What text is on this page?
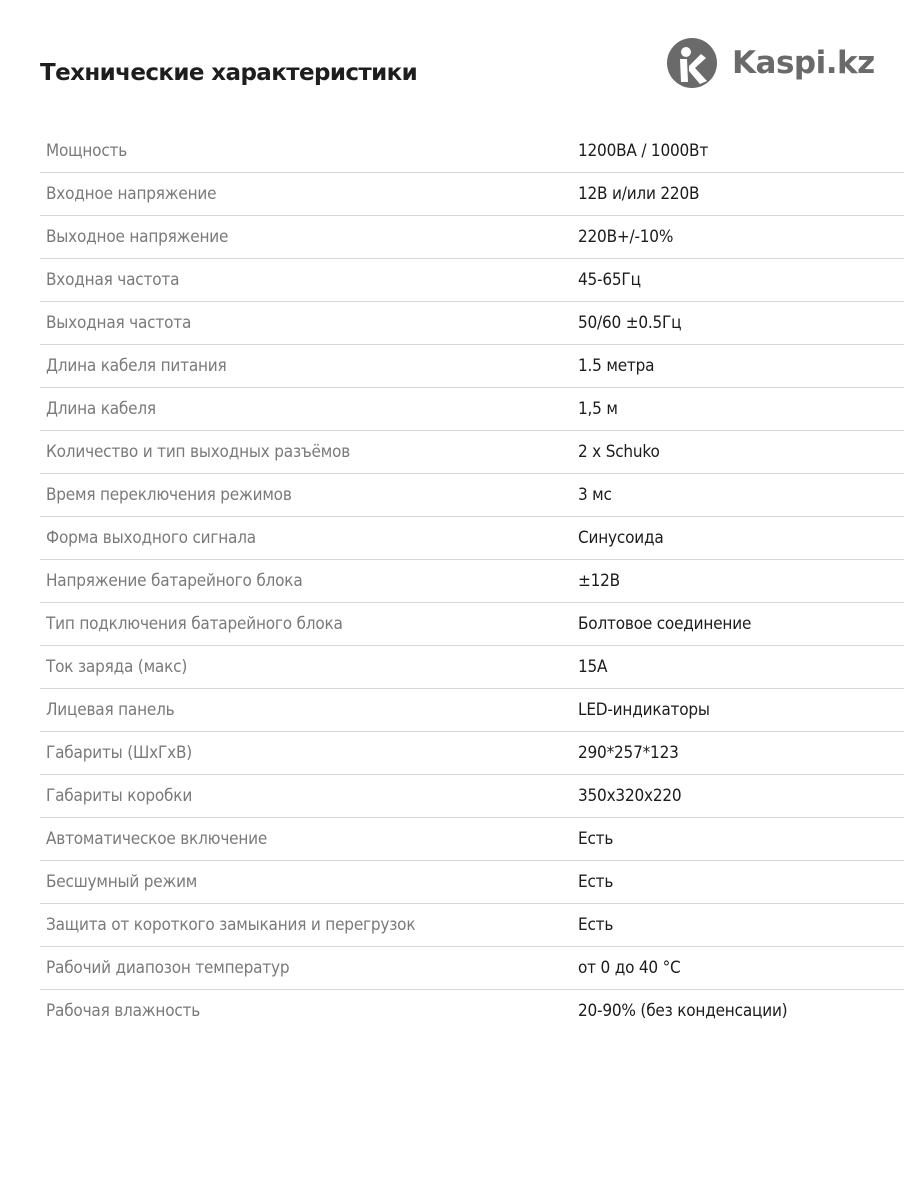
Технические характеристики	Kaspi.kz
Мощность	1200ВА / 1000Вт
Входное напряжение	12В и/или 220В
Выходное напряжение	220В+/-10%
Входная частота	45-65Гц
Выходная частота	50/60 ±0.5Гц
Длина кабеля питания	1.5 метра
Длина кабеля	1,5 м
Количество и тип выходных разъёмов	2 x Schuko
Время переключения режимов	3 мс
Форма выходного сигнала	Синусоида
Напряжение батарейного блока	±12В
Тип подключения батарейного блока	Болтовое соединение
Ток заряда (макс)	15А
Лицевая панель	LED-индикаторы
Габариты (ШxГxВ)	290*257*123
Габариты коробки	350x320x220
Автоматическое включение	Есть
Бесшумный режим	Есть
Защита от короткого замыкания и перегрузок	Есть
Рабочий диапозон температур	от 0 до 40 °С
Рабочая влажность	20-90% (без конденсации)
